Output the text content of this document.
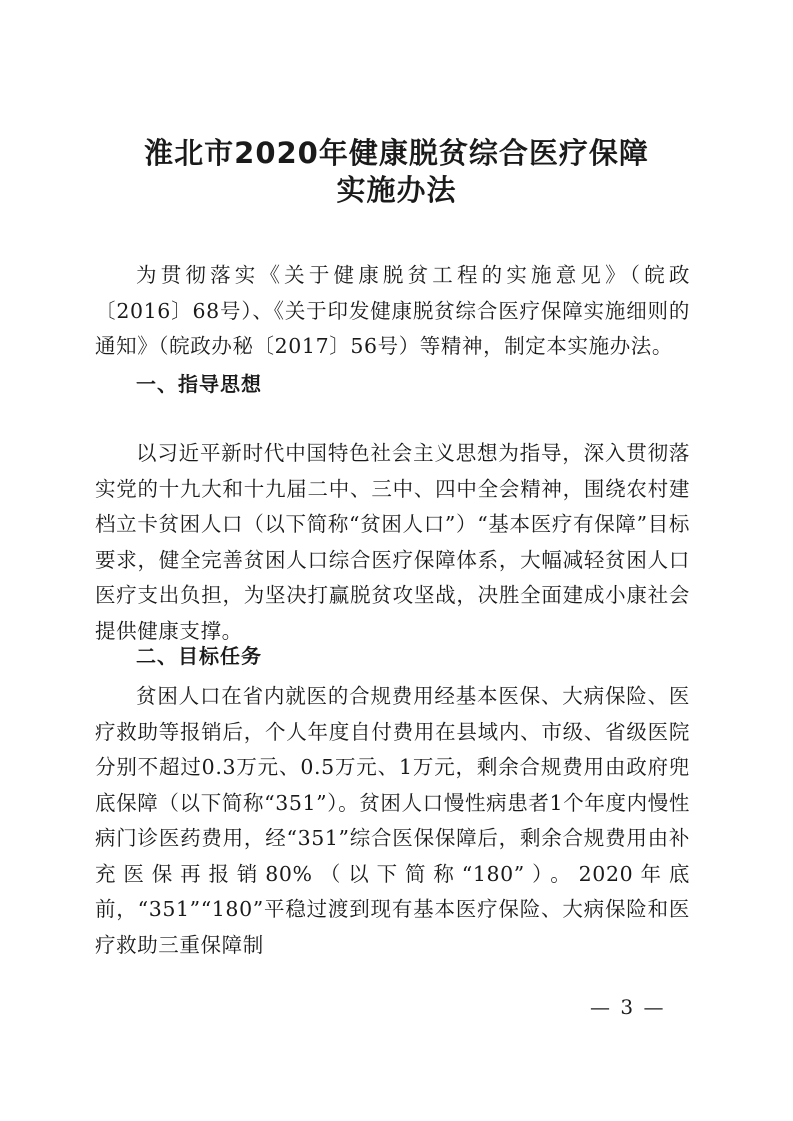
淮北市2020年健康脱贫综合医疗保障
实施办法

为贯彻落实《关于健康脱贫工程的实施意见》（皖政〔2016〕68号）、《关于印发健康脱贫综合医疗保障实施细则的通知》（皖政办秘〔2017〕56号）等精神，制定本实施办法。

一、指导思想

以习近平新时代中国特色社会主义思想为指导，深入贯彻落实党的十九大和十九届二中、三中、四中全会精神，围绕农村建档立卡贫困人口（以下简称“贫困人口”）“基本医疗有保障”目标要求，健全完善贫困人口综合医疗保障体系，大幅减轻贫困人口医疗支出负担，为坚决打赢脱贫攻坚战，决胜全面建成小康社会提供健康支撑。

二、目标任务

贫困人口在省内就医的合规费用经基本医保、大病保险、医疗救助等报销后，个人年度自付费用在县域内、市级、省级医院分别不超过0.3万元、0.5万元、1万元，剩余合规费用由政府兜底保障（以下简称“351”）。贫困人口慢性病患者1个年度内慢性病门诊医药费用，经“351”综合医保保障后，剩余合规费用由补充医保再报销80%（以下简称“180”）。2020年底前，“351”“180”平稳过渡到现有基本医疗保险、大病保险和医疗救助三重保障制

— 3 —
